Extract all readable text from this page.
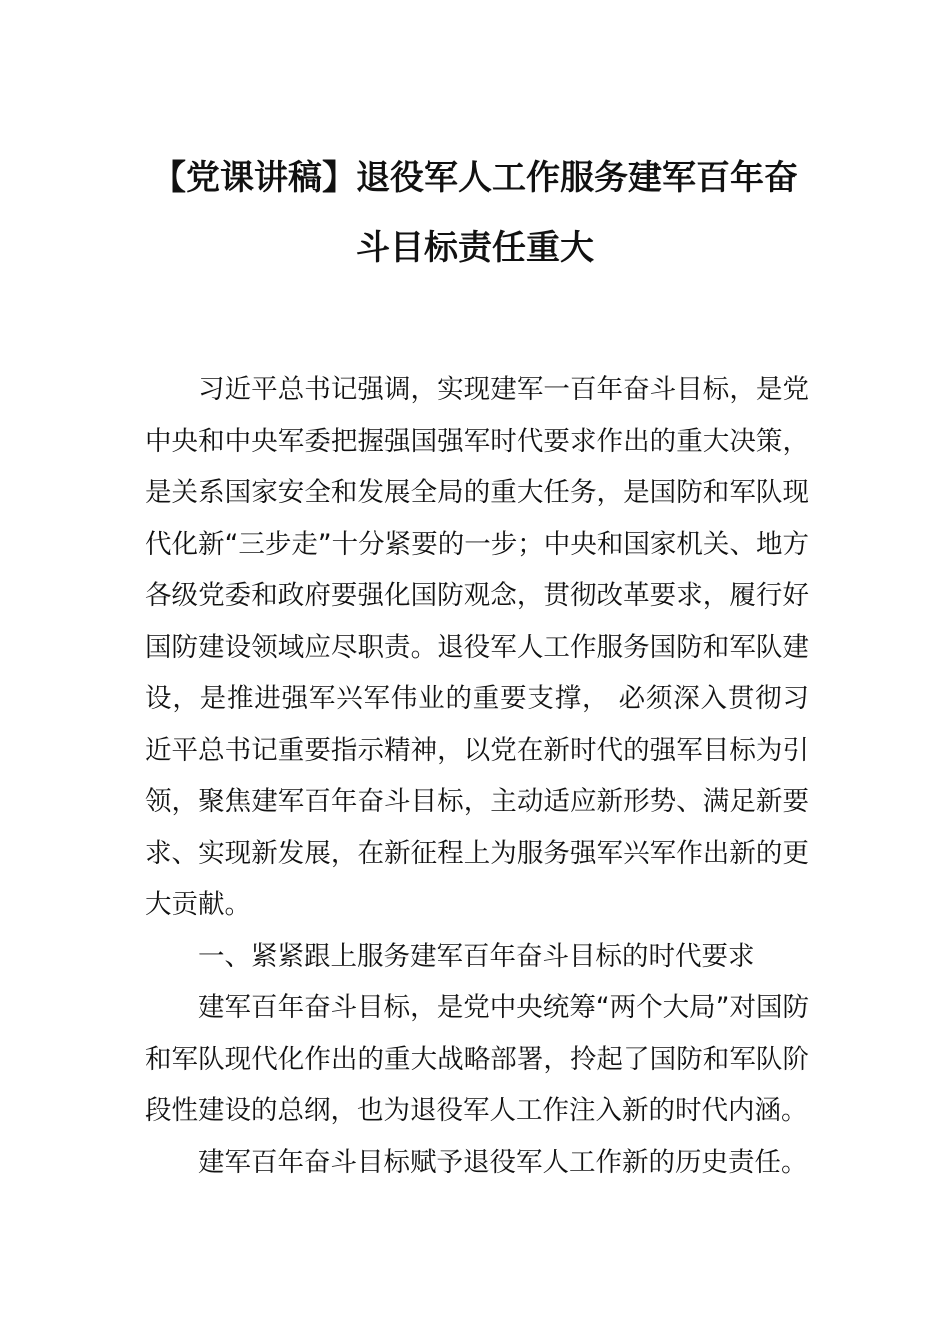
【党课讲稿】退役军人工作服务建军百年奋
斗目标责任重大

习近平总书记强调，实现建军一百年奋斗目标，是党中央和中央军委把握强国强军时代要求作出的重大决策，是关系国家安全和发展全局的重大任务，是国防和军队现代化新“三步走”十分紧要的一步；中央和国家机关、地方各级党委和政府要强化国防观念，贯彻改革要求，履行好国防建设领域应尽职责。退役军人工作服务国防和军队建设，是推进强军兴军伟业的重要支撑， 必须深入贯彻习近平总书记重要指示精神，以党在新时代的强军目标为引领，聚焦建军百年奋斗目标，主动适应新形势、满足新要求、实现新发展，在新征程上为服务强军兴军作出新的更大贡献。

一、紧紧跟上服务建军百年奋斗目标的时代要求

建军百年奋斗目标，是党中央统筹“两个大局”对国防和军队现代化作出的重大战略部署，拎起了国防和军队阶段性建设的总纲，也为退役军人工作注入新的时代内涵。

建军百年奋斗目标赋予退役军人工作新的历史责任。
